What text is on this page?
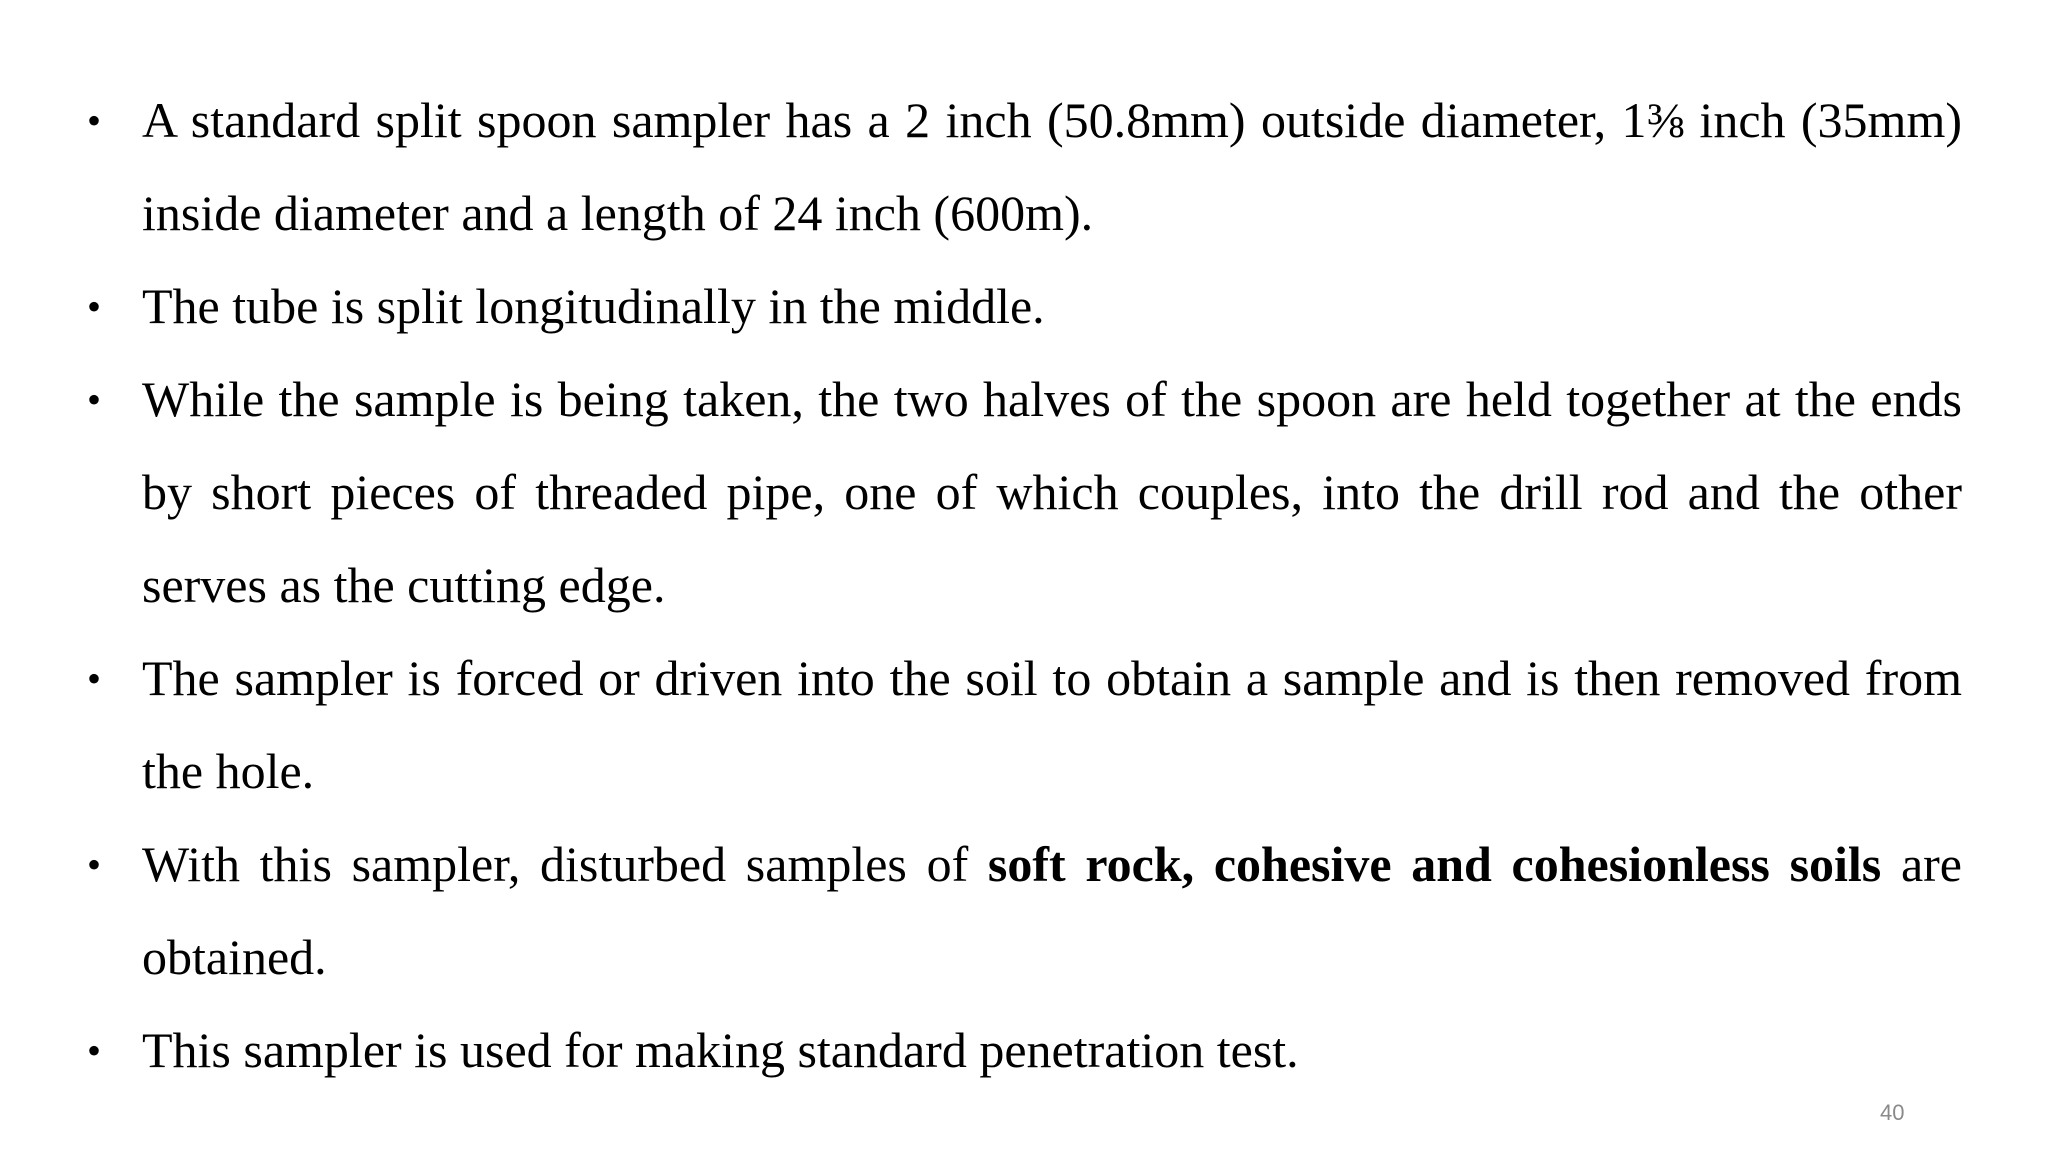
• A standard split spoon sampler has a 2 inch (50.8mm) outside diameter, 1⅜ inch (35mm) inside diameter and a length of 24 inch (600m).
• The tube is split longitudinally in the middle.
• While the sample is being taken, the two halves of the spoon are held together at the ends by short pieces of threaded pipe, one of which couples, into the drill rod and the other serves as the cutting edge.
• The sampler is forced or driven into the soil to obtain a sample and is then removed from the hole.
• With this sampler, disturbed samples of soft rock, cohesive and cohesionless soils are obtained.
• This sampler is used for making standard penetration test.
40
